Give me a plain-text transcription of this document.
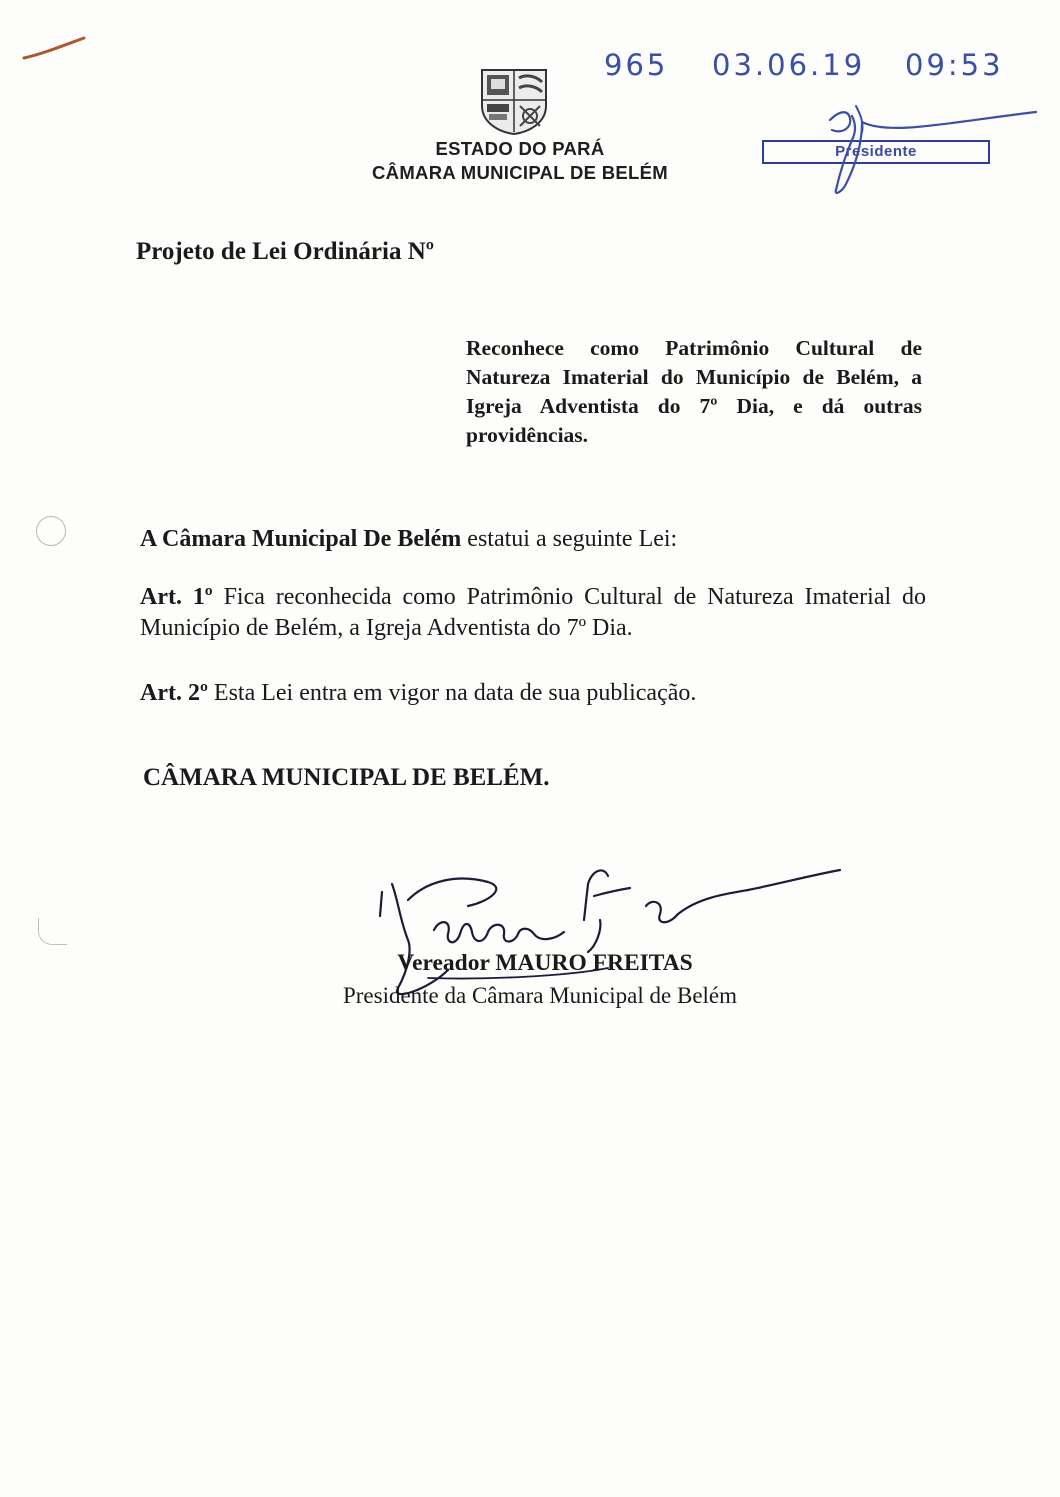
965 03.06.19 09:53
ESTADO DO PARÁ
CÂMARA MUNICIPAL DE BELÉM
Presidente
Projeto de Lei Ordinária Nº
Reconhece como Patrimônio Cultural de Natureza Imaterial do Município de Belém, a Igreja Adventista do 7º Dia, e dá outras providências.
A Câmara Municipal De Belém estatui a seguinte Lei:
Art. 1º Fica reconhecida como Patrimônio Cultural de Natureza Imaterial do Município de Belém, a Igreja Adventista do 7º Dia.
Art. 2º Esta Lei entra em vigor na data de sua publicação.
CÂMARA MUNICIPAL DE BELÉM.
Vereador MAURO FREITAS
Presidente da Câmara Municipal de Belém
